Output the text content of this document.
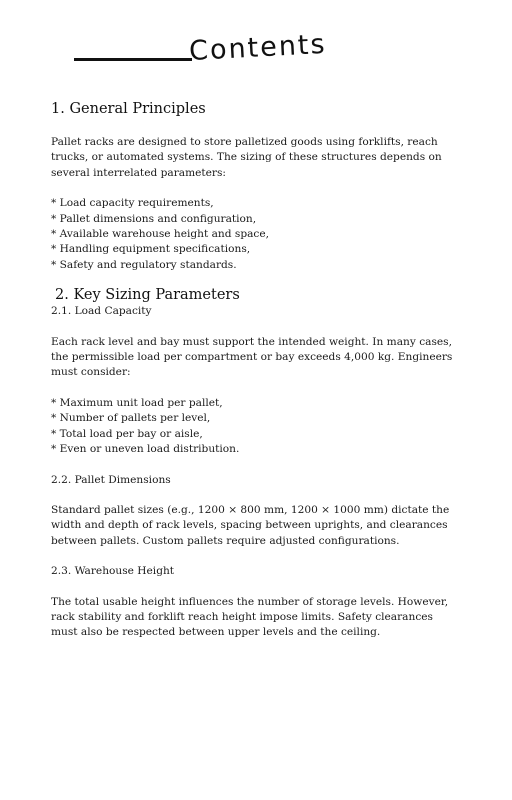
Contents
1. General Principles

Pallet racks are designed to store palletized goods using forklifts, reach trucks, or automated systems. The sizing of these structures depends on several interrelated parameters:

* Load capacity requirements,
* Pallet dimensions and configuration,
* Available warehouse height and space,
* Handling equipment specifications,
* Safety and regulatory standards.
2. Key Sizing Parameters
2.1. Load Capacity

Each rack level and bay must support the intended weight. In many cases, the permissible load per compartment or bay exceeds 4,000 kg. Engineers must consider:

* Maximum unit load per pallet,
* Number of pallets per level,
* Total load per bay or aisle,
* Even or uneven load distribution.
2.2. Pallet Dimensions

Standard pallet sizes (e.g., 1200 × 800 mm, 1200 × 1000 mm) dictate the width and depth of rack levels, spacing between uprights, and clearances between pallets. Custom pallets require adjusted configurations.

2.3. Warehouse Height

The total usable height influences the number of storage levels. However, rack stability and forklift reach height impose limits. Safety clearances must also be respected between upper levels and the ceiling.
